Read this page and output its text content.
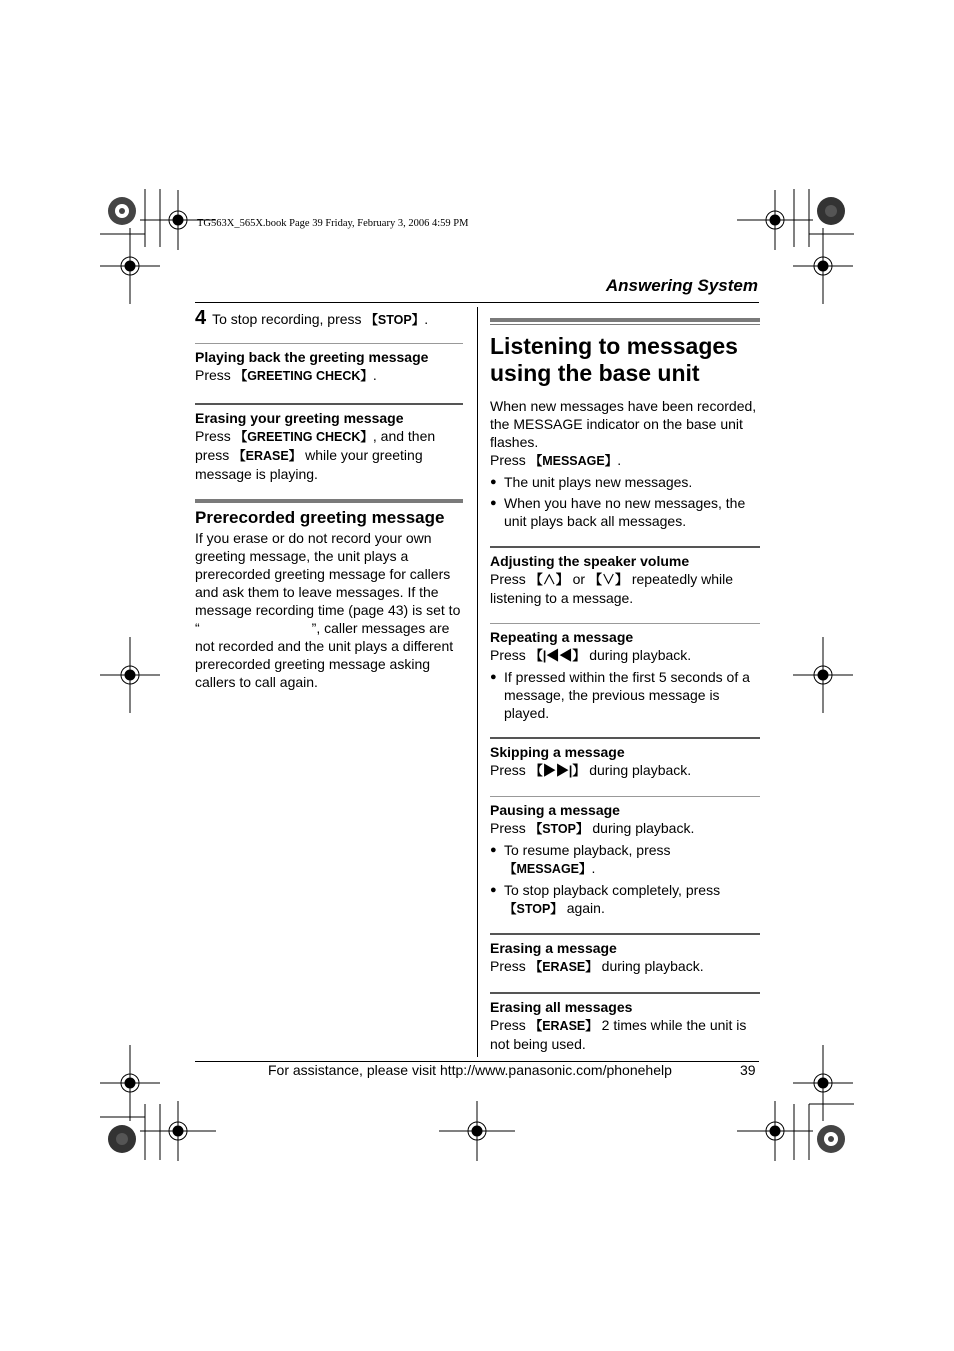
TG563X_565X.book Page 39 Friday, February 3, 2006 4:59 PM
Answering System
4 To stop recording, press 【STOP】.

Playing back the greeting message

Press 【GREETING CHECK】.

Erasing your greeting message

Press 【GREETING CHECK】, and then press 【ERASE】 while your greeting message is playing.

Prerecorded greeting message

If you erase or do not record your own greeting message, the unit plays a prerecorded greeting message for callers and ask them to leave messages. If the message recording time (page 43) is set to

“	”, caller messages are not recorded and the unit plays a different prerecorded greeting message asking callers to call again.

Listening to messages using the base unit

When new messages have been recorded, the MESSAGE indicator on the base unit flashes.

Press 【MESSAGE】.

● The unit plays new messages.
● When you have no new messages, the unit plays back all messages.

Adjusting the speaker volume

Press 【∧】 or 【∨】 repeatedly while listening to a message.

Repeating a message

Press 【|◀◀】 during playback.

● If pressed within the first 5 seconds of a message, the previous message is played.

Skipping a message

Press 【▶▶|】 during playback.

Pausing a message

Press 【STOP】 during playback.

● To resume playback, press 【MESSAGE】.
● To stop playback completely, press 【STOP】 again.

Erasing a message

Press 【ERASE】 during playback.

Erasing all messages

Press 【ERASE】 2 times while the unit is not being used.

For assistance, please visit http://www.panasonic.com/phonehelp	39
